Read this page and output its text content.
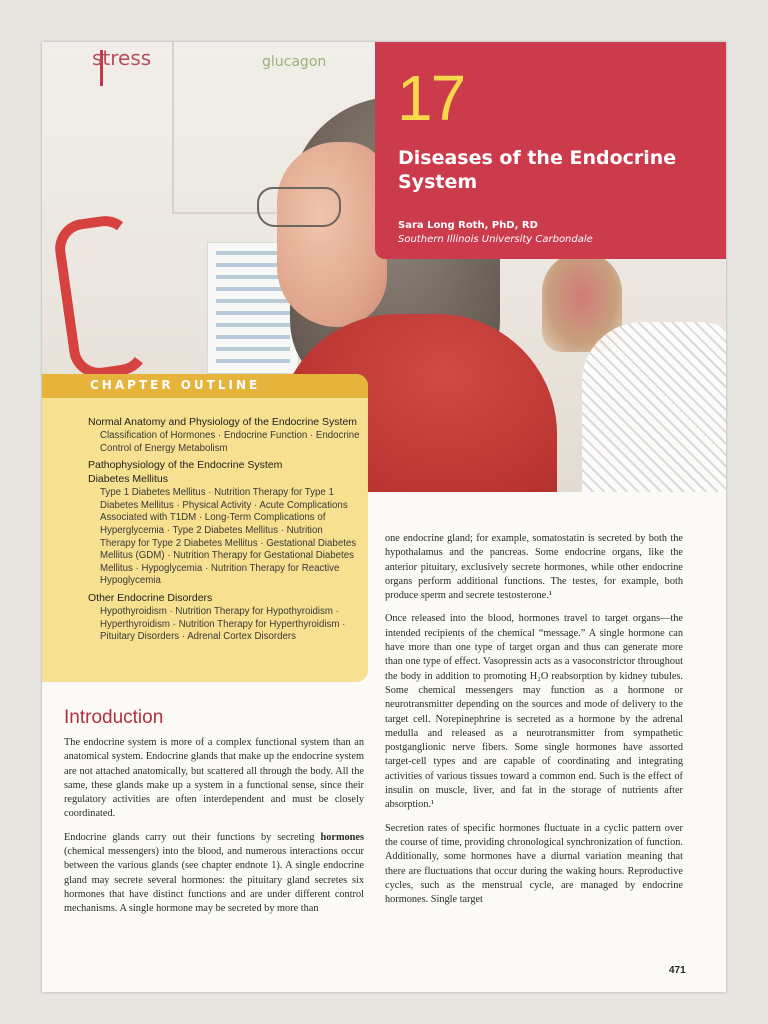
stress	glucagon 17
Diseases of the Endocrine System
Sara Long Roth, PhD, RD
Southern Illinois University Carbondale
CHAPTER OUTLINE
Normal Anatomy and Physiology of the Endocrine System
Classification of Hormones · Endocrine Function · Endocrine Control of Energy Metabolism
Pathophysiology of the Endocrine System
Diabetes Mellitus
Type 1 Diabetes Mellitus · Nutrition Therapy for Type 1 Diabetes Mellitus · Physical Activity · Acute Complications Associated with T1DM · Long-Term Complications of Hyperglycemia · Type 2 Diabetes Mellitus · Nutrition Therapy for Type 2 Diabetes Mellitus · Gestational Diabetes Mellitus (GDM) · Nutrition Therapy for Gestational Diabetes Mellitus · Hypoglycemia · Nutrition Therapy for Reactive Hypoglycemia
Other Endocrine Disorders
Hypothyroidism · Nutrition Therapy for Hypothyroidism · Hyperthyroidism · Nutrition Therapy for Hyperthyroidism · Pituitary Disorders · Adrenal Cortex Disorders
Introduction

The endocrine system is more of a complex functional system than an anatomical system. Endocrine glands that make up the endocrine system are not attached anatomically, but scattered all through the body. All the same, these glands make up a system in a functional sense, since their regulatory activities are often interdependent and must be closely coordinated.

Endocrine glands carry out their functions by secreting hormones (chemical messengers) into the blood, and numerous interactions occur between the various glands (see chapter endnote 1). A single endocrine gland may secrete several hormones: the pituitary gland secretes six hormones that have distinct functions and are under different control mechanisms. A single hormone may be secreted by more than

one endocrine gland; for example, somatostatin is secreted by both the hypothalamus and the pancreas. Some endocrine organs, like the anterior pituitary, exclusively secrete hormones, while other endocrine organs perform additional functions. The testes, for example, both produce sperm and secrete testosterone.¹

Once released into the blood, hormones travel to target organs—the intended recipients of the chemical “message.” A single hormone can have more than one type of target organ and thus can generate more than one type of effect. Vasopressin acts as a vasoconstrictor throughout the body in addition to promoting H₂O reabsorption by kidney tubules. Some chemical messengers may function as a hormone or neurotransmitter depending on the sources and mode of delivery to the target cell. Norepinephrine is secreted as a hormone by the adrenal medulla and released as a neurotransmitter from sympathetic postganglionic nerve fibers. Some single hormones have assorted target-cell types and are capable of coordinating and integrating activities of various tissues toward a common end. Such is the effect of insulin on muscle, liver, and fat in the storage of nutrients after absorption.¹

Secretion rates of specific hormones fluctuate in a cyclic pattern over the course of time, providing chronological synchronization of function. Additionally, some hormones have a diurnal variation meaning that there are fluctuations that occur during the waking hours. Reproductive cycles, such as the menstrual cycle, are managed by endocrine hormones. Single target

471
